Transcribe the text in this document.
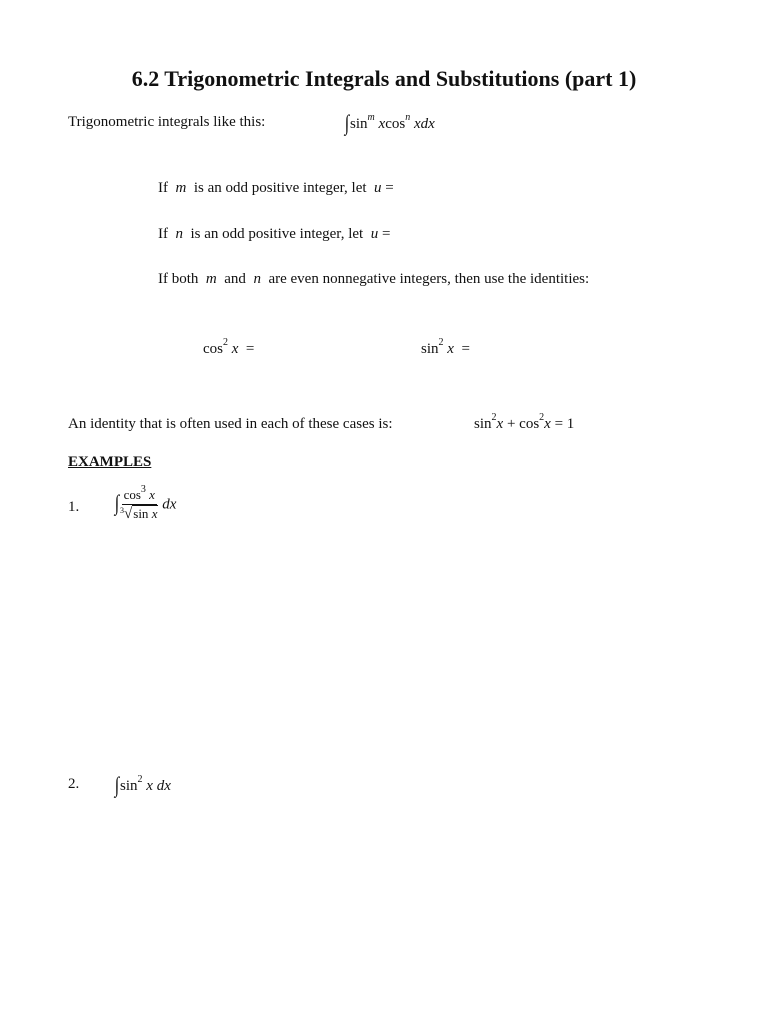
6.2 Trigonometric Integrals and Substitutions (part 1)
Trigonometric integrals like this:	$\int\sin^m$ xcos$^n$ xdx
If m is an odd positive integer, let u =
If n is an odd positive integer, let u =
If both m and n are even nonnegative integers, then use the identities:
$\cos^2 x$ =	$\sin^2 x$ =
An identity that is often used in each of these cases is:	$\sin^2x + \cos^2x = 1$
EXAMPLES
1. ∫ $\frac{\cos^3 x}{^3√\sin x}$ dx
2. $\int\sin^2$ x dx
